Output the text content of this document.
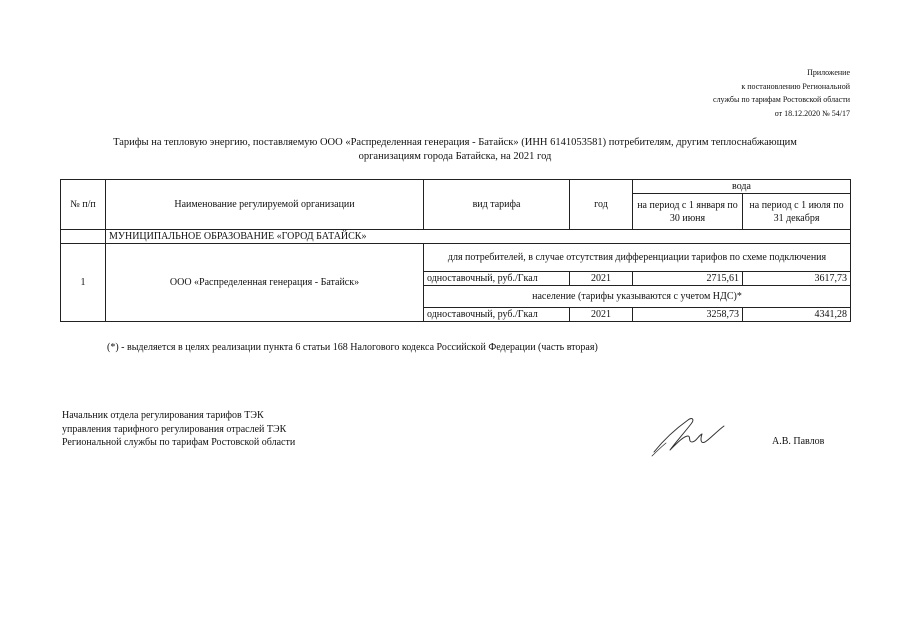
Приложение
к постановлению Региональной
службы по тарифам Ростовской области
от 18.12.2020 № 54/17
Тарифы на тепловую энергию, поставляемую ООО «Распределенная генерация - Батайск» (ИНН 6141053581) потребителям, другим теплоснабжающим
организациям города Батайска, на 2021 год
№ п/п	Наименование регулируемой организации	вид тарифа	год	вода	
				на период с 1 января по 30 июня	на период с 1 июля по 31 декабря
	МУНИЦИПАЛЬНОЕ ОБРАЗОВАНИЕ «ГОРОД БАТАЙСК»				
1	ООО «Распределенная генерация - Батайск»	для потребителей, в случае отсутствия дифференциации тарифов по схеме подключения			
		одноставочный, руб./Гкал	2021	2715,61	3617,73
		население (тарифы указываются с учетом НДС)*			
		одноставочный, руб./Гкал	2021	3258,73	4341,28
(*) - выделяется в целях реализации пункта 6 статьи 168 Налогового кодекса Российской Федерации (часть вторая)
Начальник отдела регулирования тарифов ТЭК
управления тарифного регулирования отраслей ТЭК
Региональной службы по тарифам Ростовской области	А.В. Павлов
